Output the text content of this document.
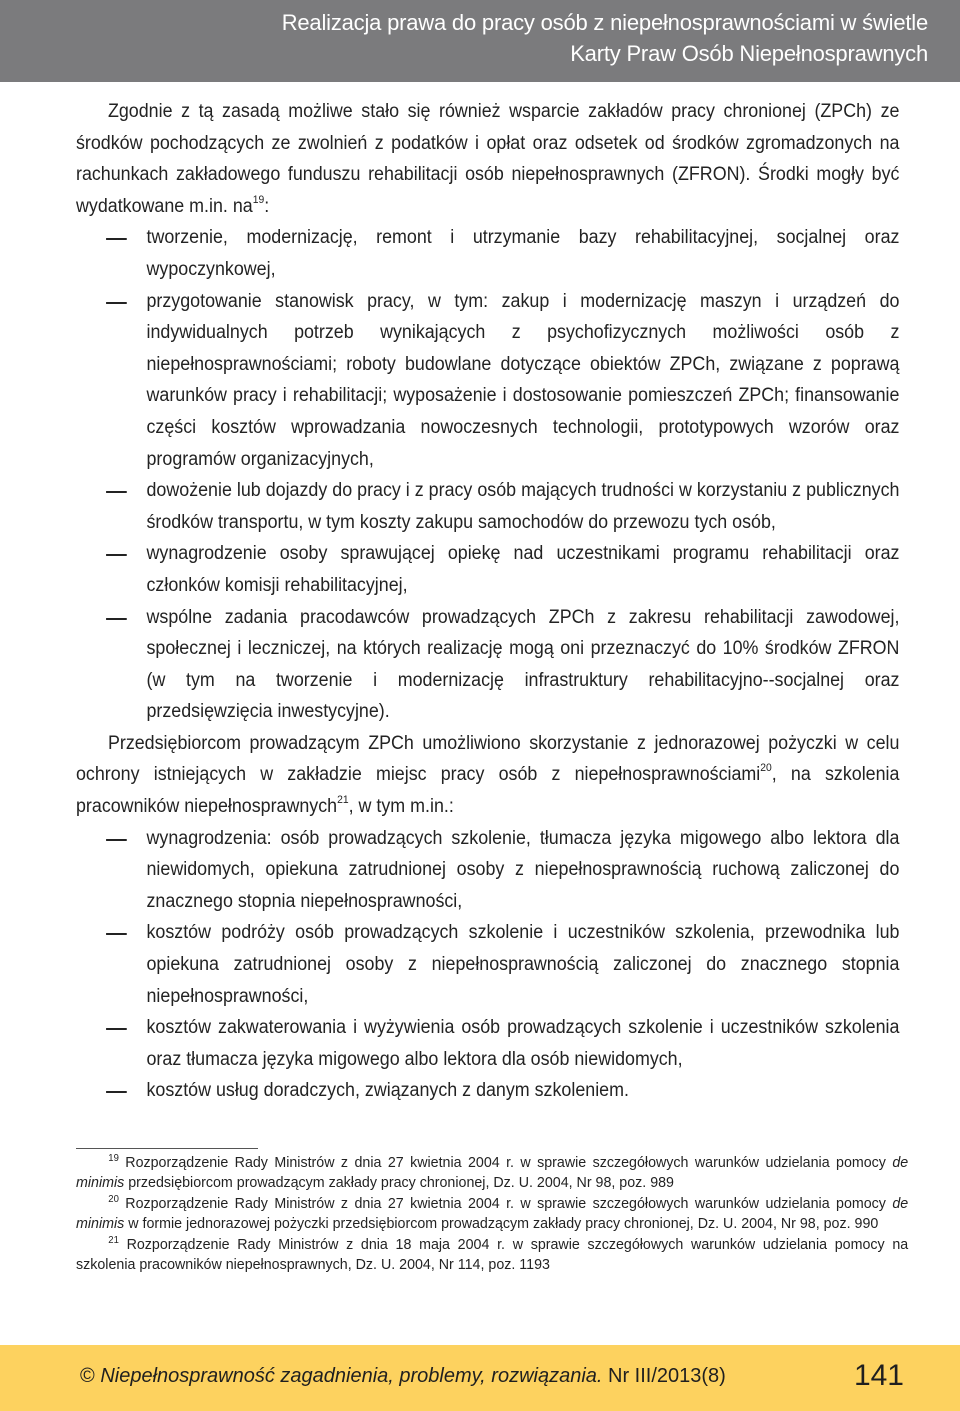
Realizacja prawa do pracy osób z niepełnosprawnościami w świetle
Karty Praw Osób Niepełnosprawnych

Zgodnie z tą zasadą możliwe stało się również wsparcie zakładów pracy chronionej (ZPCh) ze środków pochodzących ze zwolnień z podatków i opłat oraz odsetek od środków zgromadzonych na rachunkach zakładowego funduszu rehabilitacji osób niepełnosprawnych (ZFRON). Środki mogły być wydatkowane m.in. $na^{19}$:

tworzenie, modernizację, remont i utrzymanie bazy rehabilitacyjnej, socjalnej oraz wypoczynkowej,
przygotowanie stanowisk pracy, w tym: zakup i modernizację maszyn i urządzeń do indywidualnych potrzeb wynikających z psychofizycznych możliwości osób z niepełnosprawnościami; roboty budowlane dotyczące obiektów ZPCh, związane z poprawą warunków pracy i rehabilitacji; wyposażenie i dostosowanie pomieszczeń ZPCh; finansowanie części kosztów wprowadzania nowoczesnych technologii, prototypowych wzorów oraz programów organizacyjnych,
dowożenie lub dojazdy do pracy i z pracy osób mających trudności w korzystaniu z publicznych środków transportu, w tym koszty zakupu samochodów do przewozu tych osób,
wynagrodzenie osoby sprawującej opiekę nad uczestnikami programu rehabilitacji oraz członków komisji rehabilitacyjnej,
wspólne zadania pracodawców prowadzących ZPCh z zakresu rehabilitacji zawodowej, społecznej i leczniczej, na których realizację mogą oni przeznaczyć do 10% środków ZFRON (w tym na tworzenie i modernizację infrastruktury rehabilitacyjno--socjalnej oraz przedsięwzięcia inwestycyjne).

Przedsiębiorcom prowadzącym ZPCh umożliwiono skorzystanie z jednorazowej pożyczki w celu ochrony istniejących w zakładzie miejsc pracy osób z niepełnosprawnościami$^{20}$, na szkolenia pracowników niepełnosprawnych$^{21}$, w tym m.in.:

wynagrodzenia: osób prowadzących szkolenie, tłumacza języka migowego albo lektora dla niewidomych, opiekuna zatrudnionej osoby z niepełnosprawnością ruchową zaliczonej do znacznego stopnia niepełnosprawności,
kosztów podróży osób prowadzących szkolenie i uczestników szkolenia, przewodnika lub opiekuna zatrudnionej osoby z niepełnosprawnością zaliczonej do znacznego stopnia niepełnosprawności,
kosztów zakwaterowania i wyżywienia osób prowadzących szkolenie i uczestników szkolenia oraz tłumacza języka migowego albo lektora dla osób niewidomych,
kosztów usług doradczych, związanych z danym szkoleniem.

$^{19}$ Rozporządzenie Rady Ministrów z dnia 27 kwietnia 2004 r. w sprawie szczegółowych warunków udzielania pomocy de minimis przedsiębiorcom prowadzącym zakłady pracy chronionej, Dz. U. 2004, Nr 98, poz. 989

$^{20}$ Rozporządzenie Rady Ministrów z dnia 27 kwietnia 2004 r. w sprawie szczegółowych warunków udzielania pomocy de minimis w formie jednorazowej pożyczki przedsiębiorcom prowadzącym zakłady pracy chronionej, Dz. U. 2004, Nr 98, poz. 990

$^{21}$ Rozporządzenie Rady Ministrów z dnia 18 maja 2004 r. w sprawie szczegółowych warunków udzielania pomocy na szkolenia pracowników niepełnosprawnych, Dz. U. 2004, Nr 114, poz. 1193

© Niepełnosprawność zagadnienia, problemy, rozwiązania. Nr III/2013(8)	141
